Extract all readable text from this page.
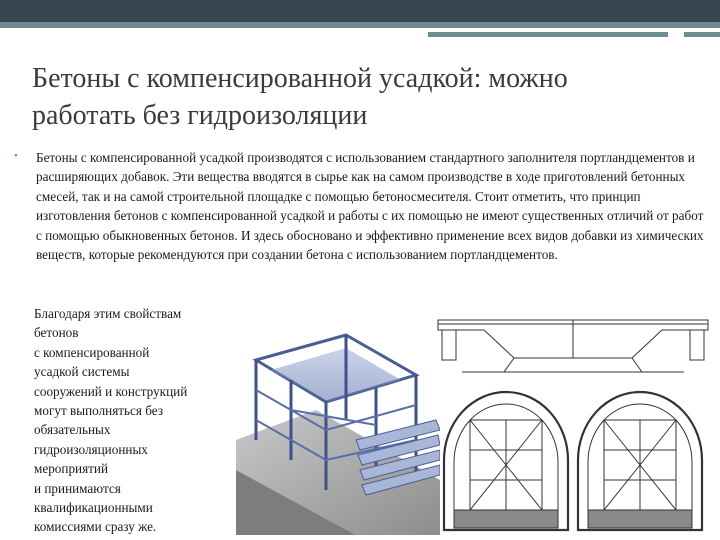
Бетоны с компенсированной усадкой: можно работать без гидроизоляции
• Бетоны с компенсированной усадкой производятся с использованием стандартного заполнителя портландцементов и расширяющих добавок. Эти вещества вводятся в сырье как на самом производстве в ходе приготовлений бетонных смесей, так и на самой строительной площадке с помощью бетоносмесителя. Стоит отметить, что принцип изготовления бетонов с компенсированной усадкой и работы с их помощью не имеют существенных отличий от работ с помощью обыкновенных бетонов. И здесь обосновано и эффективно применение всех видов добавки из химических веществ, которые рекомендуются при создании бетона с использованием портландцементов.

Благодаря этим свойствам
бетонов
с компенсированной
усадкой системы
сооружений и конструкций
могут выполняться без
обязательных
гидроизоляционных
мероприятий
и принимаются
квалификационными
комиссиями сразу же.
